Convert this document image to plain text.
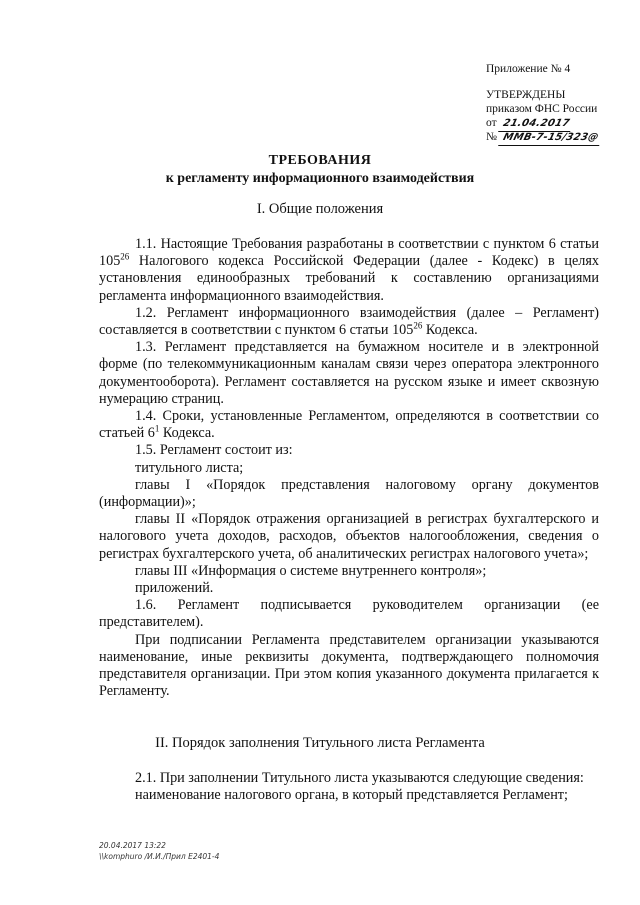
Приложение № 4
УТВЕРЖДЕНЫ
приказом ФНС России
от 21.04.2017
№ ММВ-7-15/323@
ТРЕБОВАНИЯ
к регламенту информационного взаимодействия
I. Общие положения

1.1. Настоящие Требования разработаны в соответствии с пунктом 6 статьи $105^{26}$ Налогового кодекса Российской Федерации (далее - Кодекс) в целях установления единообразных требований к составлению организациями регламента информационного взаимодействия.

1.2. Регламент информационного взаимодействия (далее – Регламент) составляется в соответствии с пунктом 6 статьи $105^{26}$ Кодекса.

1.3. Регламент представляется на бумажном носителе и в электронной форме (по телекоммуникационным каналам связи через оператора электронного документооборота). Регламент составляется на русском языке и имеет сквозную нумерацию страниц.

1.4. Сроки, установленные Регламентом, определяются в соответствии со статьей $6^1$ Кодекса.

1.5. Регламент состоит из:

титульного листа;

главы I «Порядок представления налоговому органу документов (информации)»;

главы II «Порядок отражения организацией в регистрах бухгалтерского и налогового учета доходов, расходов, объектов налогообложения, сведения о регистрах бухгалтерского учета, об аналитических регистрах налогового учета»;

главы III «Информация о системе внутреннего контроля»;

приложений.

1.6. Регламент подписывается руководителем организации (ее представителем).

При подписании Регламента представителем организации указываются наименование, иные реквизиты документа, подтверждающего полномочия представителя организации. При этом копия указанного документа прилагается к Регламенту.

II. Порядок заполнения Титульного листа Регламента

2.1. При заполнении Титульного листа указываются следующие сведения:

наименование налогового органа, в который представляется Регламент;

20.04.2017 13:22
\\komphuro /И.И./Прил Е2401-4
